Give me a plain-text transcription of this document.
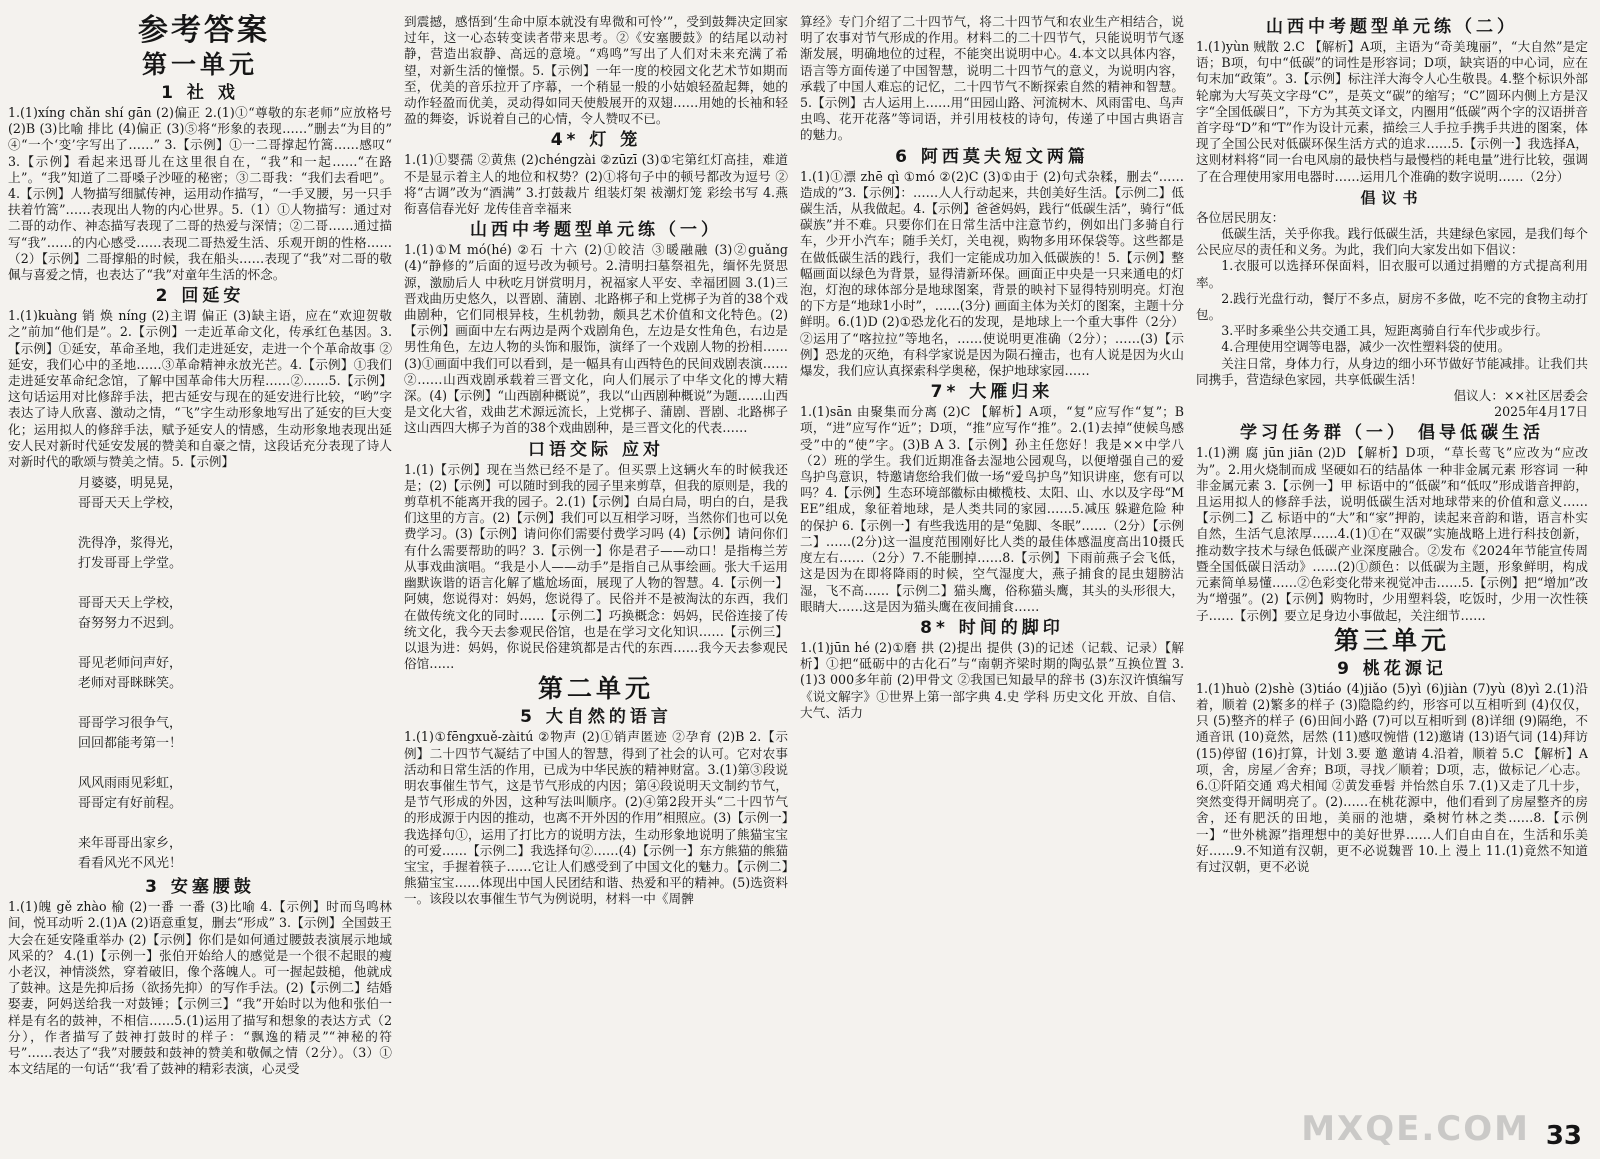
参考答案
第一单元
1 社 戏

1.(1)xíng chǎn shí gān (2)偏正 2.(1)①“尊敬的东老师”应放格号 (2)B (3)比喻 排比 (4)偏正 (3)⑤将“形象的表现……”删去“为目的” ④“一个‘变’字写出了……” 3.【示例】①一二哥撑起竹篙……感叹“ 3.【示例】看起来迅哥儿在这里很自在，“我”和一起……“在路上”。“我”知道了二哥嗓子沙哑的秘密；③二哥我：“我们去看吧”。4.【示例】人物描写细腻传神，运用动作描写，“一手叉腰，另一只手扶着竹篙”……表现出人物的内心世界。5.（1）①人物描写：通过对二哥的动作、神态描写表现了二哥的热爱与深情；②二哥……通过描写“我”……的内心感受……表现二哥热爱生活、乐观开朗的性格……（2）【示例】二哥撑船的时候，我在船头……表现了“我”对二哥的敬佩与喜爱之情，也表达了“我”对童年生活的怀念。

2 回延安

1.(1)kuàng 销 焕 níng (2)主谓 偏正 (3)缺主语，应在“欢迎贺敬之”前加“他们是”。2.【示例】一走近革命文化，传承红色基因。3.【示例】①延安，革命圣地，我们走进延安，走进一个个革命故事 ②延安，我们心中的圣地……③革命精神永放光芒。4.【示例】①我们走进延安革命纪念馆，了解中国革命伟大历程……②……5.【示例】这句话运用对比修辞手法，把古延安与现在的延安进行比较，“哟”字表达了诗人欣喜、激动之情，“飞”字生动形象地写出了延安的巨大变化；运用拟人的修辞手法，赋予延安人的情感，生动形象地表现出延安人民对新时代延安发展的赞美和自豪之情，这段话充分表现了诗人对新时代的歌颂与赞美之情。5.【示例】

月婆婆，明晃晃，
哥哥天天上学校，

洗得净，浆得光，
打发哥哥上学堂。

哥哥天天上学校，
奋努努力不迟到。

哥见老师问声好，
老师对哥眯眯笑。

哥哥学习很争气，
回回都能考第一！

风风雨雨见彩虹，
哥哥定有好前程。

来年哥哥出家乡，
看看风光不风光！
3 安塞腰鼓

1.(1)魄 gě zhào 榆 (2)一番 一番 (3)比喻 4.【示例】时而鸟鸣林间，悦耳动听 2.(1)A (2)语意重复，删去“形成” 3.【示例】全国鼓王大会在延安隆重举办 (2)【示例】你们是如何通过腰鼓表演展示地域风采的？ 4.(1)【示例一】张伯开始给人的感觉是一个很不起眼的瘦小老汉，神情淡然，穿着破旧，像个落魄人。可一握起鼓槌，他就成了鼓神。这是先抑后扬（欲扬先抑）的写作手法。(2)【示例二】结婚娶妻，阿妈送给我一对鼓锤；【示例三】“我”开始时以为他和张伯一样是有名的鼓神，不相信……5.(1)运用了描写和想象的表达方式（2分），作者描写了鼓神打鼓时的样子：“飘逸的精灵”“神秘的符号”……表达了“我”对腰鼓和鼓神的赞美和敬佩之情（2分）。（3）①本文结尾的一句话“‘我’看了鼓神的精彩表演，心灵受

到震撼，感悟到‘生命中原本就没有卑微和可怜’”，受到鼓舞决定回家过年，这一心态转变读者带来思考。②《安塞腰鼓》的结尾以动衬静，营造出寂静、高远的意境。“鸡鸣”写出了人们对未来充满了希望，对新生活的憧憬。5.【示例】一年一度的校园文化艺术节如期而至，优美的音乐拉开了序幕，一个稍显一般的小姑娘轻盈起舞，她的动作轻盈而优美，灵动得如同天使般展开的双翅……用她的长袖和轻盈的舞姿，诉说着自己的心情，令人赞叹不已。

4* 灯 笼

1.(1)①婴孺 ②黄焦 (2)chéngzài ②zūzī (3)①宅第红灯高挂，难道不是显示着主人的地位和权势？(2)①将句子中的顿号都改为逗号 ②将“古调”改为“酒满” 3.打鼓裁片 组装灯架 祓潮灯笼 彩绘书写 4.燕衔喜信春光好 龙传佳音幸福来

山西中考题型单元练（一）

1.(1)①M mó(hé) ②石 十六 (2)①皎洁 ③暖融融 (3)②guǎng (4)“静修的”后面的逗号改为顿号。2.清明扫墓祭祖先，缅怀先贤思源，激励后人 中秋吃月饼赏明月，祝福家人平安、幸福团圆 3.(1)三晋戏曲历史悠久，以晋剧、蒲剧、北路梆子和上党梆子为首的38个戏曲剧种，它们同根异枝，生机勃勃，颇具艺术价值和文化特色。(2)【示例】画面中左右两边是两个戏剧角色，左边是女性角色，右边是男性角色，左边人物的头饰和服饰，演绎了一个戏剧人物的扮相……(3)①画面中我们可以看到，是一幅具有山西特色的民间戏剧表演……②……山西戏剧承载着三晋文化，向人们展示了中华文化的博大精深。(4)【示例】“山西剧种概说”，我以“山西剧种概说”为题……山西是文化大省，戏曲艺术源远流长，上党梆子、蒲剧、晋剧、北路梆子这山西四大梆子为首的38个戏曲剧种，是三晋文化的代表……

口语交际 应对

1.(1)【示例】现在当然已经不是了。但买票上这辆火车的时候我还是；(2)【示例】可以随时到我的园子里来剪草，但我的原则是，我的剪草机不能离开我的园子。2.(1)【示例】白局白局，明白的白，是我们这里的方言。(2)【示例】我们可以互相学习呀，当然你们也可以免费学习。(3)【示例】请问你们需要付费学习吗 (4)【示例】请问你们有什么需要帮助的吗？3.【示例一】你是君子——动口！是指梅兰芳从事戏曲演唱。“我是小人——动手”是指自己从事绘画。张大千运用幽默诙谐的语言化解了尴尬场面，展现了人物的智慧。4.【示例一】阿姨，您说得对：妈妈，您说得了。民俗并不是被淘汰的东西，我们在做传统文化的同时……【示例二】巧换概念：妈妈，民俗连接了传统文化，我今天去参观民俗馆，也是在学习文化知识……【示例三】以退为进：妈妈，你说民俗建筑都是古代的东西……我今天去参观民俗馆……

第二单元
5 大自然的语言

1.(1)①fēngxuě-zàitú ②物声 (2)①销声匿迹 ②孕育 (2)B 2.【示例】二十四节气凝结了中国人的智慧，得到了社会的认可。它对农事活动和日常生活的作用，已成为中华民族的精神财富。3.(1)第③段说明农事催生节气，这是节气形成的内因；第④段说明天文制约节气，是节气形成的外因，这种写法叫顺序。(2)④第2段开头“二十四节气的形成源于内因的推动，也离不开外因的作用”相照应。(3)【示例一】我选择句①，运用了打比方的说明方法，生动形象地说明了熊猫宝宝的可爱……【示例二】我选择句②……(4)【示例一】东方熊猫的熊猫宝宝，手握着筷子……它让人们感受到了中国文化的魅力。【示例二】熊猫宝宝……体现出中国人民团结和谐、热爱和平的精神。(5)选资料一。该段以农事催生节气为例说明，材料一中《周髀

算经》专门介绍了二十四节气，将二十四节气和农业生产相结合，说明了农事对节气形成的作用。材料二的二十四节气，只能说明节气逐渐发展，明确地位的过程，不能突出说明中心。4.本文以具体内容，语言等方面传递了中国智慧，说明二十四节气的意义，为说明内容，承载了中国人难忘的记忆，二十四节气不断探索自然的精神和智慧。5.【示例】古人运用上……用“田园山路、河流树木、风雨雷电、鸟声虫鸣、花开花落”等词语，并引用枝枝的诗句，传递了中国古典语言的魅力。

6 阿西莫夫短文两篇

1.(1)①漂 zhē qì ①mó ②(2)C (3)①由于 (2)句式杂糅，删去“……造成的”3.【示例】：……人人行动起来，共创美好生活。【示例二】低碳生活，从我做起。4.【示例】爸爸妈妈，践行“低碳生活”，骑行“低碳族”并不难。只要你们在日常生活中注意节约，例如出门多骑自行车，少开小汽车；随手关灯，关电视，购物多用环保袋等。这些都是在做低碳生活的践行，我们一定能成功加入低碳族的！5.【示例】整幅画面以绿色为背景，显得清新环保。画面正中央是一只来通电的灯泡，灯泡的球体部分是地球图案，背景的映衬下显得特别明亮。灯泡的下方是“地球1小时”，……(3分) 画面主体为关灯的图案，主题十分鲜明。6.(1)D (2)①恐龙化石的发现，是地球上一个重大事件（2分）②运用了“喀拉拉”等地名，……使说明更准确（2分）；……(3)【示例】恐龙的灭绝，有科学家说是因为陨石撞击，也有人说是因为火山爆发，我们应认真探索科学奥秘，保护地球家园……

7* 大雁归来

1.(1)sān 由聚集而分离 (2)C 【解析】A项，“复”应写作“复”；B项，“进”应写作“近”；D项，“推”应写作“推”。2.(1)去掉“使候鸟感受”中的“使”字。(3)B A 3.【示例】孙主任您好！我是××中学八（2）班的学生。我们近期准备去湿地公园观鸟，以便增强自己的爱鸟护鸟意识，特邀请您给我们做一场“爱鸟护鸟”知识讲座，您有可以吗？4.【示例】生态环境部徽标由橄榄枝、太阳、山、水以及字母“MEE”组成，象征着地球，是人类共同的家园……5.减压 躲避危险 种的保护 6.【示例一】有些我选用的是“兔脚、冬眠”……（2分）【示例二】……(2分)这一温度范围刚好比人类的最佳体感温度高出10摄氏度左右……（2分）7.不能删掉……8.【示例】下雨前燕子会飞低，这是因为在即将降雨的时候，空气湿度大，燕子捕食的昆虫翅膀沾湿，飞不高……【示例二】猫头鹰，俗称猫头鹰，其头的头形很大，眼睛大……这是因为猫头鹰在夜间捕食……

8* 时间的脚印

1.(1)jūn hé (2)①磨 拱 (2)提出 提供 (3)的记述（记载、记录）【解析】①把“砥砺中的古化石”与“南朝齐梁时期的陶弘景”互换位置 3.(1)3 000多年前 (2)甲骨文 ②我国已知最早的辞书 (3)东汉许慎编写《说文解字》①世界上第一部字典 4.史 学科 历史文化 开放、自信、大气、活力

山西中考题型单元练（二）

1.(1)yùn 贼散 2.C 【解析】A项，主语为“奇美瑰丽”，“大自然”是定语；B项，句中“低碳”的词性是形容词；D项，缺宾语的中心词，应在句末加“政策”。3.【示例】标注洋大海令人心生敬畏。4.整个标识外部轮廓为大写英文字母“C”，是英文“碳”的缩写；“C”圆环内侧上方是汉字“全国低碳日”，下方为其英文译文，内圈用“低碳”两个字的汉语拼音首字母“D”和“T”作为设计元素，描绘三人手拉手携手共进的图案，体现了全国公民对低碳环保生活方式的追求……5.【示例一】我选择A，这则材料将“同一台电风扇的最快档与最慢档的耗电量”进行比较，强调了在合理使用家用电器时……运用几个准确的数字说明……（2分）

倡议书

各位居民朋友：

低碳生活，关乎你我。践行低碳生活，共建绿色家园，是我们每个公民应尽的责任和义务。为此，我们向大家发出如下倡议：

1.衣服可以选择环保面料，旧衣服可以通过捐赠的方式提高利用率。

2.践行光盘行动，餐厅不多点，厨房不多做，吃不完的食物主动打包。

3.平时多乘坐公共交通工具，短距离骑自行车代步或步行。

4.合理使用空调等电器，减少一次性塑料袋的使用。

关注日常，身体力行，从身边的细小环节做好节能减排。让我们共同携手，营造绿色家园，共享低碳生活！

倡议人：××社区居委会

2025年4月17日

学习任务群（一） 倡导低碳生活

1.(1)溯 腐 jūn jiān (2)D 【解析】D项，“草长莺飞”应改为“应改为”。2.用火烧制而成 坚硬如石的结晶体 一种非金属元素 形容词 一种非金属元素 3.【示例一】甲 标语中的“低碳”和“低叹”形成谐音押韵，且运用拟人的修辞手法，说明低碳生活对地球带来的价值和意义……【示例二】乙 标语中的“大”和“家”押韵，读起来音韵和谐，语言朴实自然，生活气息浓厚……4.(1)①在“双碳”实施战略上进行科技创新，推动数字技术与绿色低碳产业深度融合。②发布《2024年节能宣传周暨全国低碳日活动》……(2)①颜色：以低碳为主题，形象鲜明，构成元素简单易懂……②色彩变化带来视觉冲击……5.【示例】把“增加”改为“增强”。(2)【示例】购物时，少用塑料袋，吃饭时，少用一次性筷子……【示例】要立足身边小事做起，关注细节……

第三单元
9 桃花源记

1.(1)huò (2)shè (3)tiáo (4)jiǎo (5)yì (6)jiàn (7)yù (8)yì 2.(1)沿着，顺着 (2)繁多的样子 (3)隐隐约约，形容可以互相听到 (4)仅仅，只 (5)整齐的样子 (6)田间小路 (7)可以互相听到 (8)详细 (9)隔绝，不通音讯 (10)竟然，居然 (11)感叹惋惜 (12)邀请 (13)语气词 (14)拜访 (15)停留 (16)打算，计划 3.要 邀 邀请 4.沿着，顺着 5.C 【解析】A项，舍，房屋／舍弃；B项，寻找／顺着；D项，志，做标记／心志。6.①阡陌交通 鸡犬相闻 ②黄发垂髫 并怡然自乐 7.(1)又走了几十步，突然变得开阔明亮了。(2)……在桃花源中，他们看到了房屋整齐的房舍，还有肥沃的田地，美丽的池塘，桑树竹林之类……8.【示例一】“世外桃源”指理想中的美好世界……人们自由自在，生活和乐美好……9.不知道有汉朝，更不必说魏晋 10.上 漫上 11.(1)竟然不知道有过汉朝，更不必说

MXQE.COM 33
